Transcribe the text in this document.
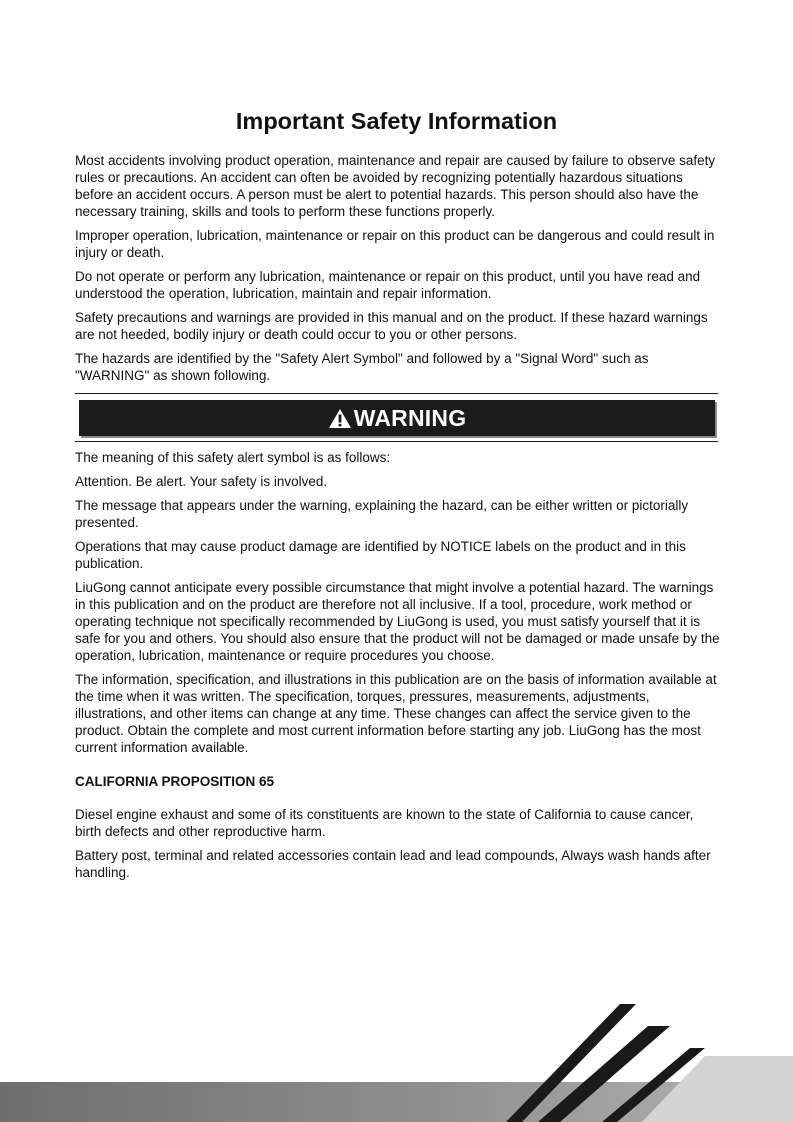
Important Safety Information

Most accidents involving product operation, maintenance and repair are caused by failure to observe safety rules or precautions. An accident can often be avoided by recognizing potentially hazardous situations before an accident occurs. A person must be alert to potential hazards. This person should also have the necessary training, skills and tools to perform these functions properly.

Improper operation, lubrication, maintenance or repair on this product can be dangerous and could result in injury or death.

Do not operate or perform any lubrication, maintenance or repair on this product, until you have read and understood the operation, lubrication, maintain and repair information.

Safety precautions and warnings are provided in this manual and on the product. If these hazard warnings are not heeded, bodily injury or death could occur to you or other persons.

The hazards are identified by the "Safety Alert Symbol" and followed by a "Signal Word" such as "WARNING" as shown following.

WARNING

The meaning of this safety alert symbol is as follows:

Attention. Be alert. Your safety is involved.

The message that appears under the warning, explaining the hazard, can be either written or pictorially presented.

Operations that may cause product damage are identified by NOTICE labels on the product and in this publication.

LiuGong cannot anticipate every possible circumstance that might involve a potential hazard. The warnings in this publication and on the product are therefore not all inclusive. If a tool, procedure, work method or operating technique not specifically recommended by LiuGong is used, you must satisfy yourself that it is safe for you and others. You should also ensure that the product will not be damaged or made unsafe by the operation, lubrication, maintenance or require procedures you choose.

The information, specification, and illustrations in this publication are on the basis of information available at the time when it was written. The specification, torques, pressures, measurements, adjustments, illustrations, and other items can change at any time. These changes can affect the service given to the product. Obtain the complete and most current information before starting any job. LiuGong has the most current information available.

CALIFORNIA PROPOSITION 65

Diesel engine exhaust and some of its constituents are known to the state of California to cause cancer, birth defects and other reproductive harm.

Battery post, terminal and related accessories contain lead and lead compounds, Always wash hands after handling.
